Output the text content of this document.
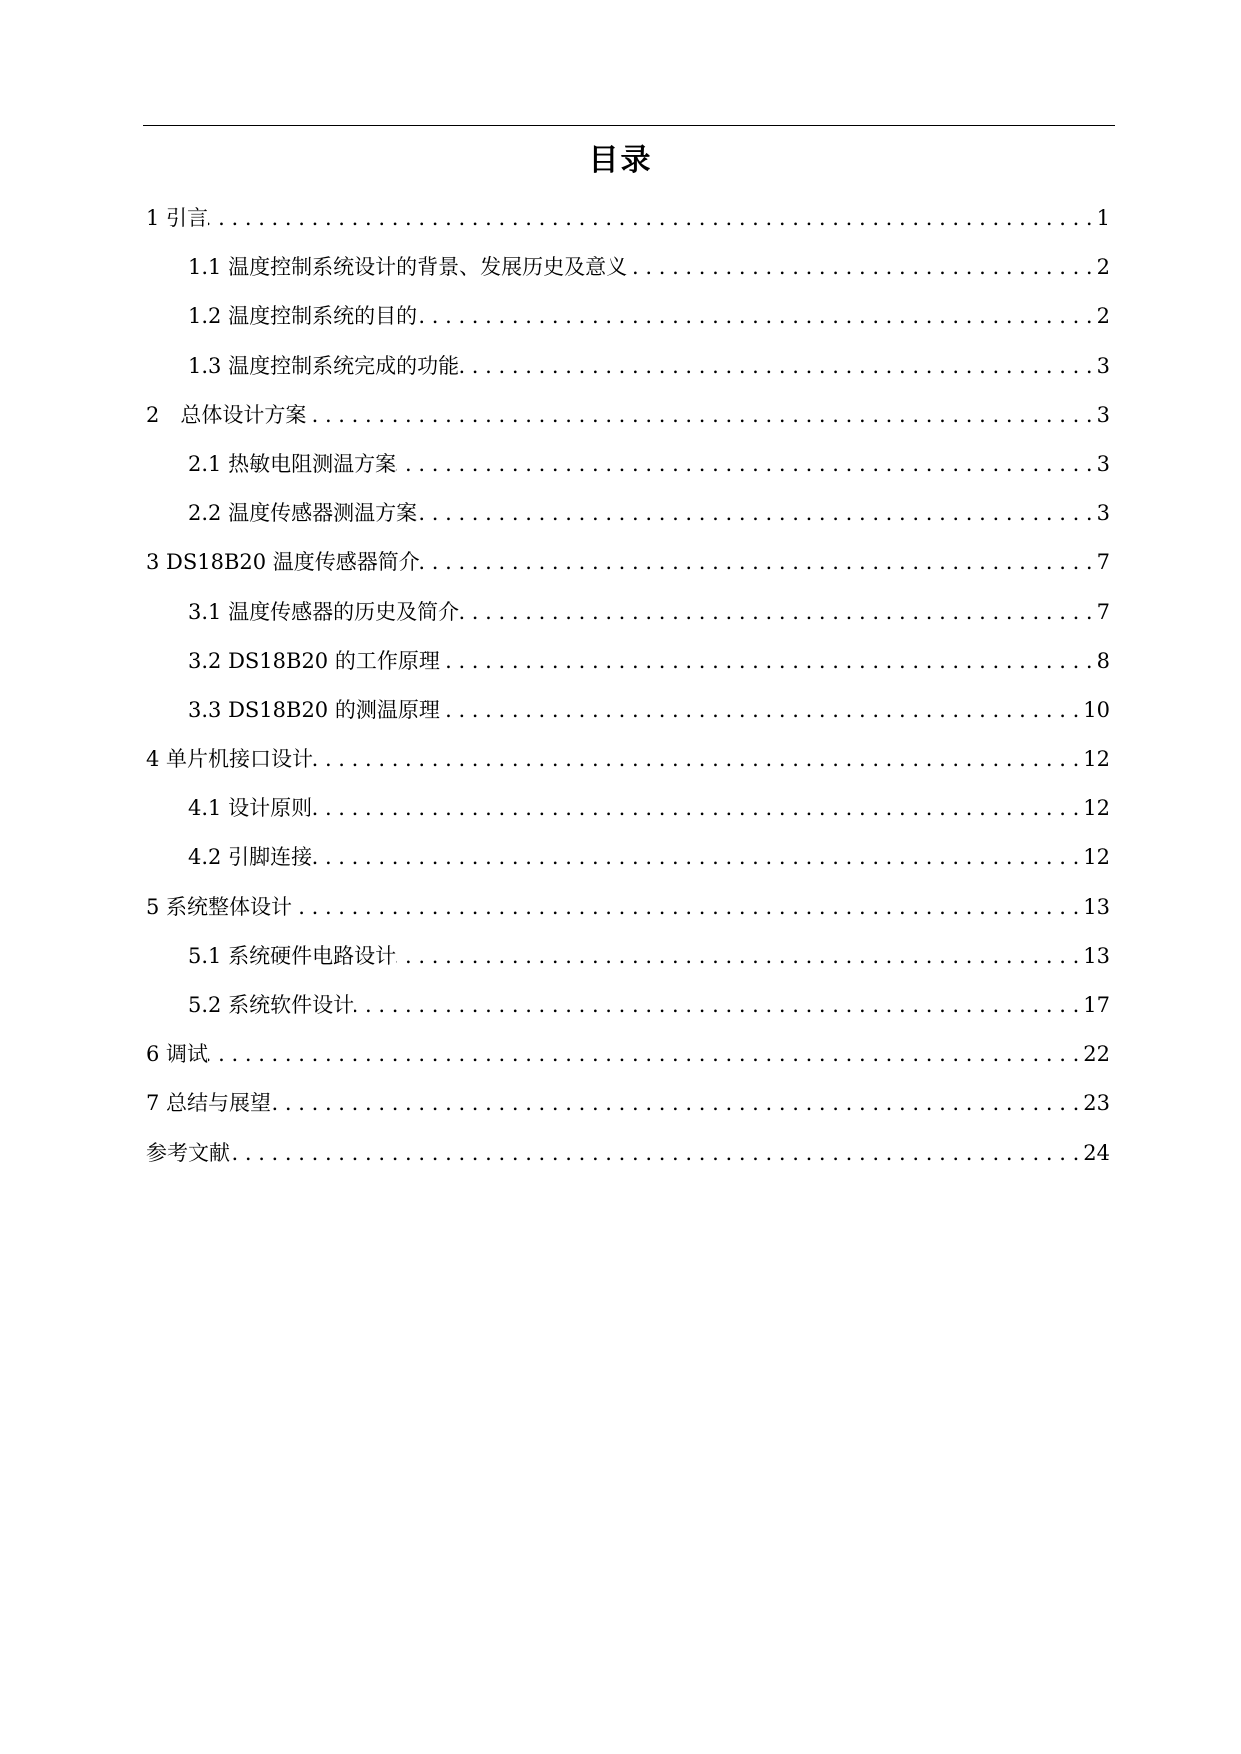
目录
1 引言 . . .	1
1.1 温度控制系统设计的背景、发展历史及意义 . . .	2
1.2 温度控制系统的目的 . . .	2
1.3 温度控制系统完成的功能 . . .	3
2　总体设计方案 . . .	3
2.1 热敏电阻测温方案 . . .	3
2.2 温度传感器测温方案 . . .	3
3 DS18B20 温度传感器简介 . . .	7
3.1 温度传感器的历史及简介 . . .	7
3.2 DS18B20 的工作原理 . . .	8
3.3 DS18B20 的测温原理 . . .	10
4 单片机接口设计 . . .	12
4.1 设计原则 . . .	12
4.2 引脚连接 . . .	12
5 系统整体设计 . . .	13
5.1 系统硬件电路设计 . . .	13
5.2 系统软件设计 . . .	17
6 调试 . . .	22
7 总结与展望 . . .	23
参考文献 . . .	24
